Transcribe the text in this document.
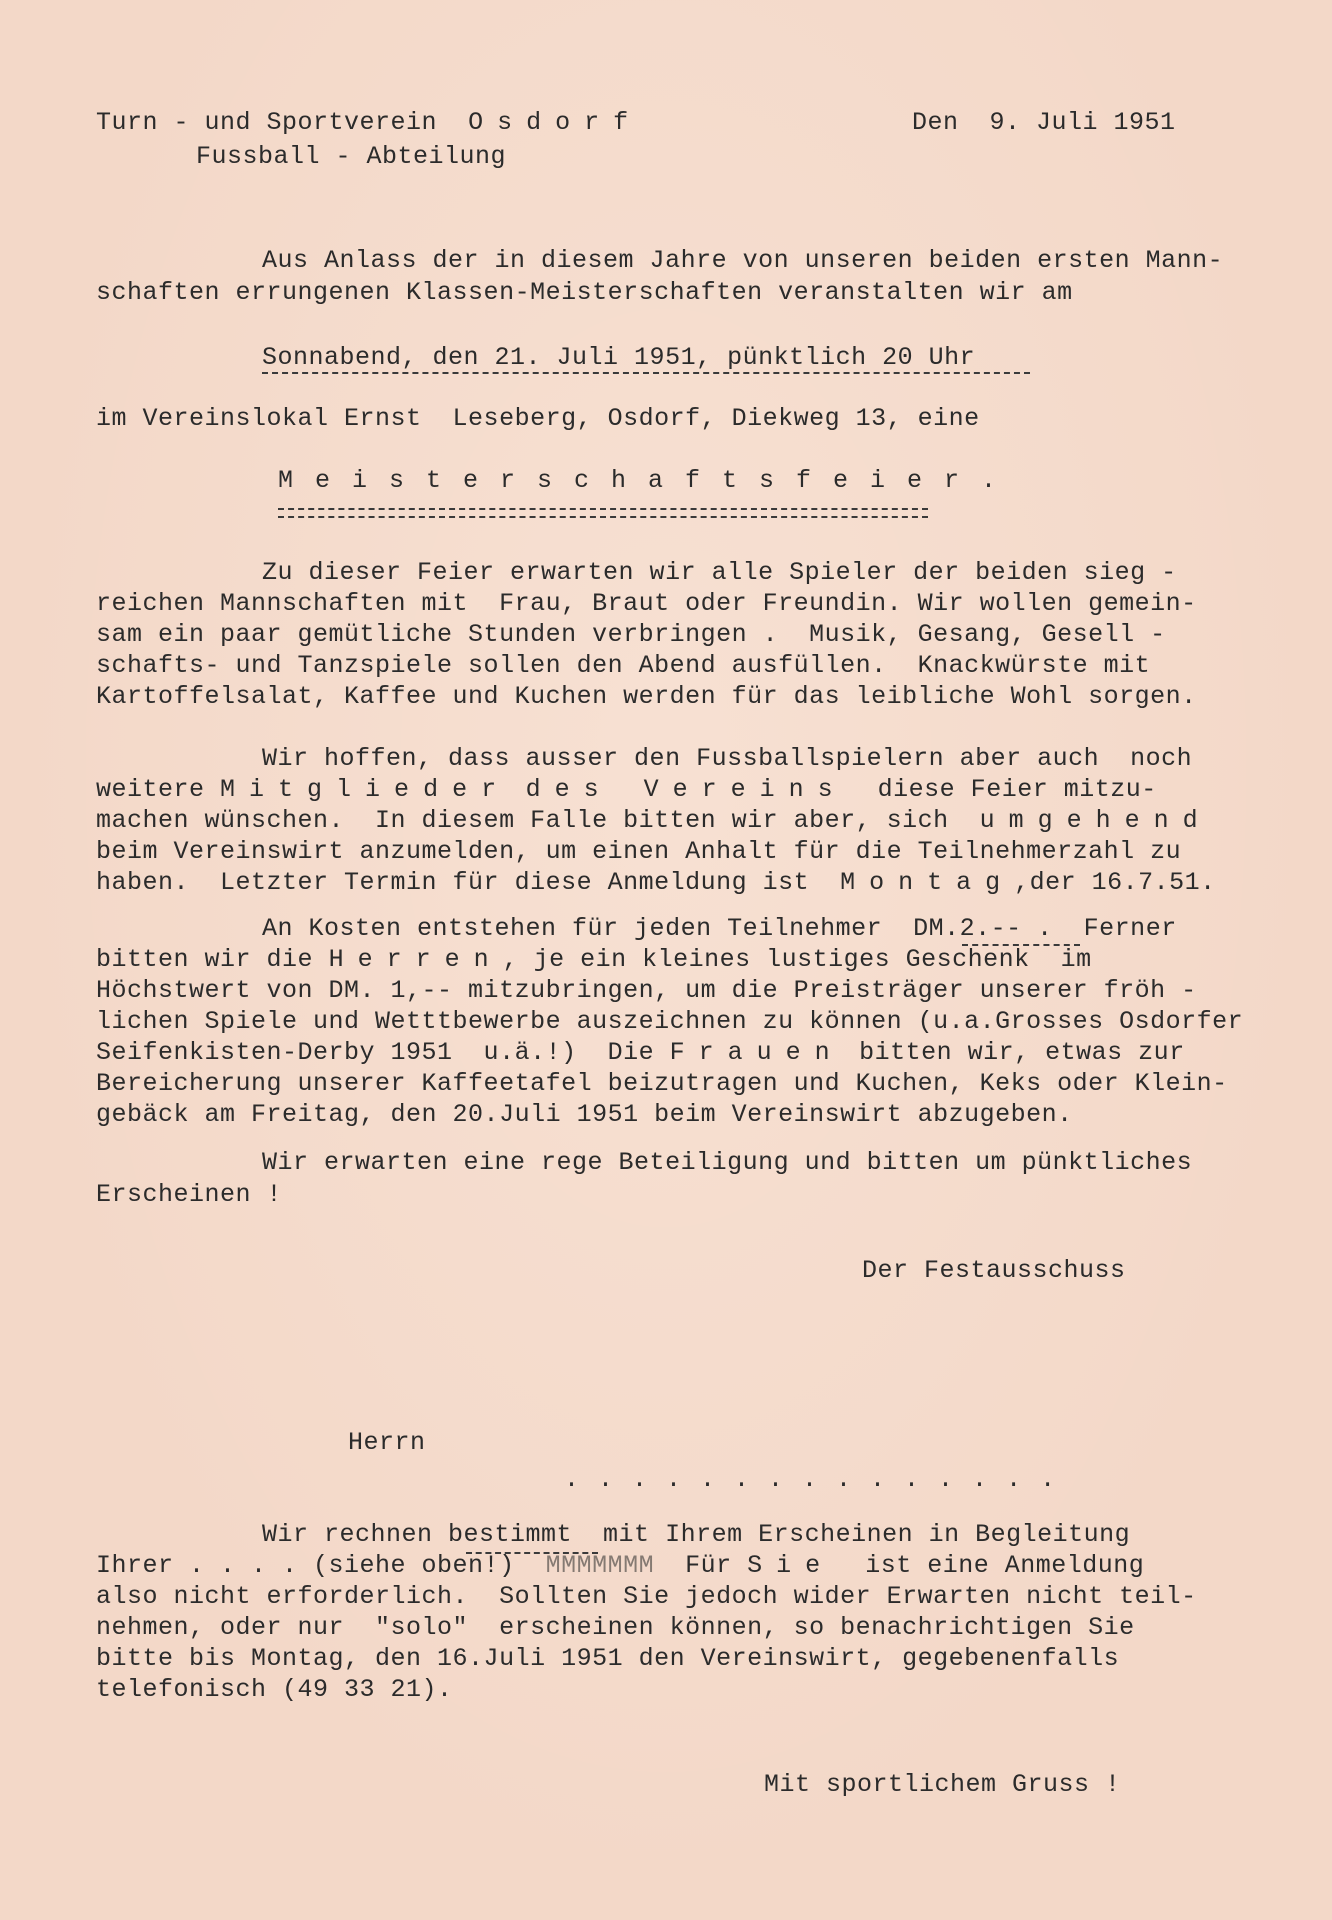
Turn - und Sportverein Osdorf	Den  9. Juli 1951
Fussball - Abteilung
Aus Anlass der in diesem Jahre von unseren beiden ersten Mann-
schaften errungenen Klassen-Meisterschaften veranstalten wir am
Sonnabend, den 21. Juli 1951, pünktlich 20 Uhr
im Vereinslokal Ernst  Leseberg, Osdorf, Diekweg 13, eine
Meisterschaftsfeier.
Zu dieser Feier erwarten wir alle Spieler der beiden sieg -
reichen Mannschaften mit  Frau, Braut oder Freundin. Wir wollen gemein-
sam ein paar gemütliche Stunden verbringen .  Musik, Gesang, Gesell -
schafts- und Tanzspiele sollen den Abend ausfüllen.  Knackwürste mit
Kartoffelsalat, Kaffee und Kuchen werden für das leibliche Wohl sorgen.
Wir hoffen, dass ausser den Fussballspielern aber auch  noch
weitere Mitglieder des Vereins diese Feier mitzu-
machen wünschen.  In diesem Falle bitten wir aber, sich umgehend
beim Vereinswirt anzumelden, um einen Anhalt für die Teilnehmerzahl zu
haben.  Letzter Termin für diese Anmeldung ist Montag,der 16.7.51.
An Kosten entstehen für jeden Teilnehmer DM.2.-- .  Ferner
bitten wir die Herren, je ein kleines lustiges Geschenk  im
Höchstwert von DM. 1,-- mitzubringen, um die Preisträger unserer fröh -
lichen Spiele und Wetttbewerbe auszeichnen zu können (u.a.Grosses Osdorfer
Seifenkisten-Derby 1951  u.ä.!)  Die Frauen bitten wir, etwas zur
Bereicherung unserer Kaffeetafel beizutragen und Kuchen, Keks oder Klein-
gebäck am Freitag, den 20.Juli 1951 beim Vereinswirt abzugeben.
Wir erwarten eine rege Beteiligung und bitten um pünktliches
Erscheinen !
Der Festausschuss
Herrn
. . . . . . . . . . . . . . .
Wir rechnen bestimmt  mit Ihrem Erscheinen in Begleitung
Ihrer . . . . (siehe oben!) MMMMMMM Für Sie ist eine Anmeldung
also nicht erforderlich.  Sollten Sie jedoch wider Erwarten nicht teil-
nehmen, oder nur  "solo"  erscheinen können, so benachrichtigen Sie
bitte bis Montag, den 16.Juli 1951 den Vereinswirt, gegebenenfalls
telefonisch (49 33 21).
Mit sportlichem Gruss !
